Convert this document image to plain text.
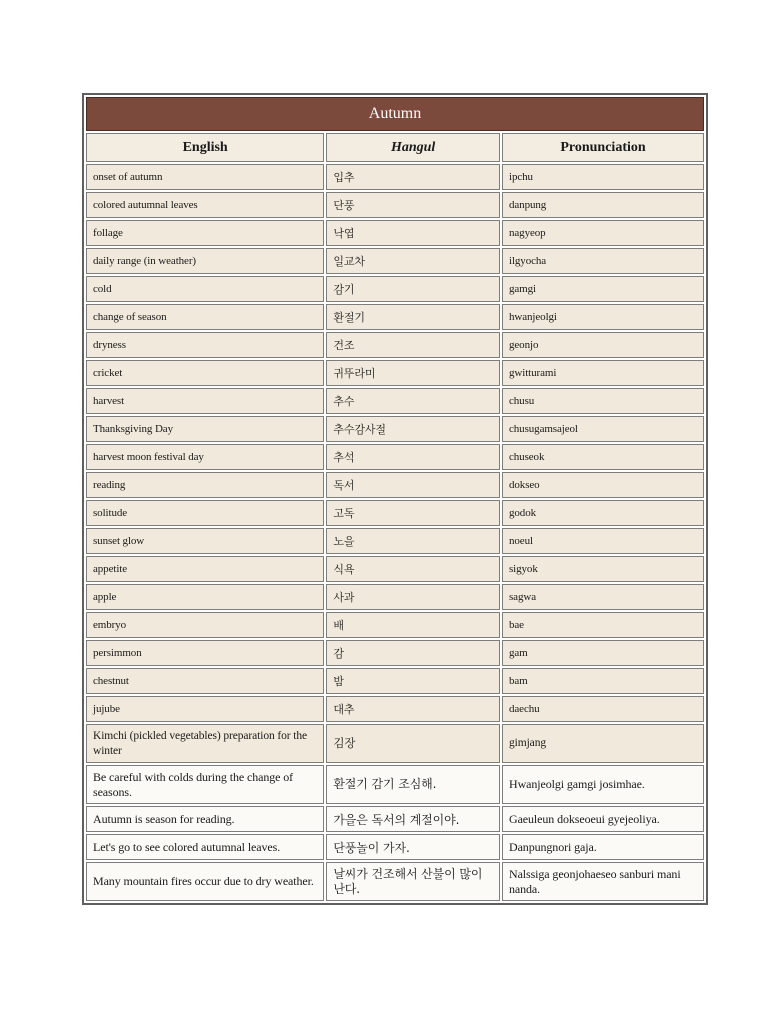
Autumn		
English	Hangul	Pronunciation
onset of autumn	입추	ipchu
colored autumnal leaves	단풍	danpung
follage	낙엽	nagyeop
daily range (in weather)	일교차	ilgyocha
cold	감기	gamgi
change of season	환절기	hwanjeolgi
dryness	건조	geonjo
cricket	귀뚜라미	gwitturami
harvest	추수	chusu
Thanksgiving Day	추수감사절	chusugamsajeol
harvest moon festival day	추석	chuseok
reading	독서	dokseo
solitude	고독	godok
sunset glow	노을	noeul
appetite	식욕	sigyok
apple	사과	sagwa
embryo	배	bae
persimmon	감	gam
chestnut	밤	bam
jujube	대추	daechu
Kimchi (pickled vegetables) preparation for the winter	김장	gimjang
Be careful with colds during the change of seasons.	환절기 감기 조심해.	Hwanjeolgi gamgi josimhae.
Autumn is season for reading.	가을은 독서의 계절이야.	Gaeuleun dokseoeui gyejeoliya.
Let's go to see colored autumnal leaves.	단풍놀이 가자.	Danpungnori gaja.
Many mountain fires occur due to dry weather.	날씨가 건조해서 산불이 많이 난다.	Nalssiga geonjohaeseo sanburi mani nanda.
